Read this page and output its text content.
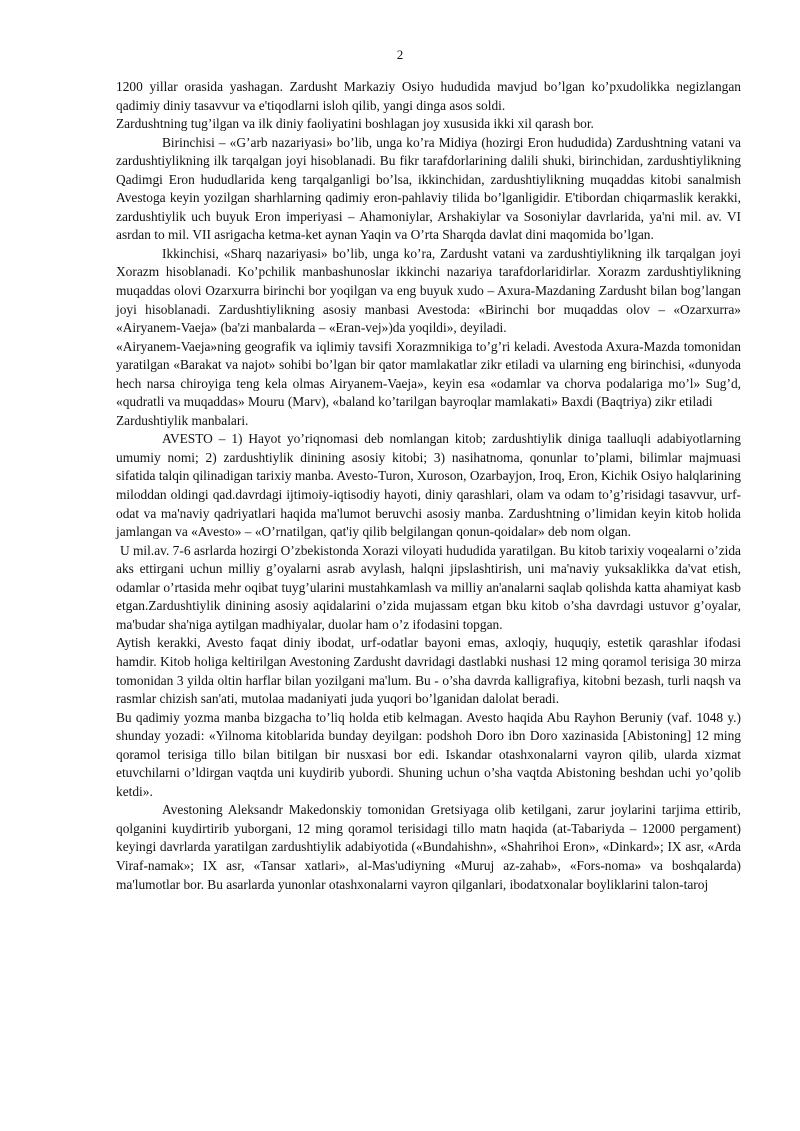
2

1200 yillar orasida yashagan. Zardusht Markaziy Osiyo hududida mavjud bo’lgan ko’pxudolikka negizlangan qadimiy diniy tasavvur va e'tiqodlarni isloh qilib, yangi dinga asos soldi.

Zardushtning tug’ilgan va ilk diniy faoliyatini boshlagan joy xususida ikki xil qarash bor.

Birinchisi – «G’arb nazariyasi» bo’lib, unga ko’ra Midiya (hozirgi Eron hududida) Zardushtning vatani va zardushtiylikning ilk tarqalgan joyi hisoblanadi. Bu fikr tarafdorlarining dalili shuki, birinchidan, zardushtiylikning Qadimgi Eron hududlarida keng tarqalganligi bo’lsa, ikkinchidan, zardushtiylikning muqaddas kitobi sanalmish Avestoga keyin yozilgan sharhlarning qadimiy eron-pahlaviy tilida bo’lganligidir. E'tibordan chiqarmaslik kerakki, zardushtiylik uch buyuk Eron imperiyasi – Ahamoniylar, Arshakiylar va Sosoniylar davrlarida, ya'ni mil. av. VI asrdan to mil. VII asrigacha ketma-ket aynan Yaqin va O’rta Sharqda davlat dini maqomida bo’lgan.

Ikkinchisi, «Sharq nazariyasi» bo’lib, unga ko’ra, Zardusht vatani va zardushtiylikning ilk tarqalgan joyi Xorazm hisoblanadi. Ko’pchilik manbashunoslar ikkinchi nazariya tarafdorlaridirlar. Xorazm zardushtiylikning muqaddas olovi Ozarxurra birinchi bor yoqilgan va eng buyuk xudo – Axura-Mazdaning Zardusht bilan bog’langan joyi hisoblanadi. Zardushtiylikning asosiy manbasi Avestoda: «Birinchi bor muqaddas olov – «Ozarxurra» «Airyanem-Vaeja» (ba'zi manbalarda – «Eran-vej»)da yoqildi», deyiladi.

«Airyanem-Vaeja»ning geografik va iqlimiy tavsifi Xorazmnikiga to’g’ri keladi. Avestoda Axura-Mazda tomonidan yaratilgan «Barakat va najot» sohibi bo’lgan bir qator mamlakatlar zikr etiladi va ularning eng birinchisi, «dunyoda hech narsa chiroyiga teng kela olmas Airyanem-Vaeja», keyin esa «odamlar va chorva podalariga mo’l» Sug’d, «qudratli va muqaddas» Mouru (Marv), «baland ko’tarilgan bayroqlar mamlakati» Baxdi (Baqtriya) zikr etiladi

Zardushtiylik manbalari.

AVESTO – 1) Hayot yo’riqnomasi deb nomlangan kitob; zardushtiylik diniga taalluqli adabiyotlarning umumiy nomi; 2) zardushtiylik dinining asosiy kitobi; 3) nasihatnoma, qonunlar to’plami, bilimlar majmuasi sifatida talqin qilinadigan tarixiy manba. Avesto-Turon, Xuroson, Ozarbayjon, Iroq, Eron, Kichik Osiyo halqlarining miloddan oldingi qad.davrdagi ijtimoiy-iqtisodiy hayoti, diniy qarashlari, olam va odam to’g’risidagi tasavvur, urf-odat va ma'naviy qadriyatlari haqida ma'lumot beruvchi asosiy manba. Zardushtning o’limidan keyin kitob holida jamlangan va «Avesto» – «O’rnatilgan, qat'iy qilib belgilangan qonun-qoidalar» deb nom olgan.

U mil.av. 7-6 asrlarda hozirgi O’zbekistonda Xorazi viloyati hududida yaratilgan. Bu kitob tarixiy voqealarni o’zida aks ettirgani uchun milliy g’oyalarni asrab avylash, halqni jipslashtirish, uni ma'naviy yuksaklikka da'vat etish, odamlar o’rtasida mehr oqibat tuyg’ularini mustahkamlash va milliy an'analarni saqlab qolishda katta ahamiyat kasb etgan.Zardushtiylik dinining asosiy aqidalarini o’zida mujassam etgan bku kitob o’sha davrdagi ustuvor g’oyalar, ma'budar sha'niga aytilgan madhiyalar, duolar ham o’z ifodasini topgan.

Aytish kerakki, Avesto faqat diniy ibodat, urf-odatlar bayoni emas, axloqiy, huquqiy, estetik qarashlar ifodasi hamdir. Kitob holiga keltirilgan Avestoning Zardusht davridagi dastlabki nushasi 12 ming qoramol terisiga 30 mirza tomonidan 3 yilda oltin harflar bilan yozilgani ma'lum. Bu - o’sha davrda kalligrafiya, kitobni bezash, turli naqsh va rasmlar chizish san'ati, mutolaa madaniyati juda yuqori bo’lganidan dalolat beradi.

Bu qadimiy yozma manba bizgacha to’liq holda etib kelmagan. Avesto haqida Abu Rayhon Beruniy (vaf. 1048 y.) shunday yozadi: «Yilnoma kitoblarida bunday deyilgan: podshoh Doro ibn Doro xazinasida [Abistoning] 12 ming qoramol terisiga tillo bilan bitilgan bir nusxasi bor edi. Iskandar otashxonalarni vayron qilib, ularda xizmat etuvchilarni o’ldirgan vaqtda uni kuydirib yubordi. Shuning uchun o’sha vaqtda Abistoning beshdan uchi yo’qolib ketdi».

Avestoning Aleksandr Makedonskiy tomonidan Gretsiyaga olib ketilgani, zarur joylarini tarjima ettirib, qolganini kuydirtirib yuborgani, 12 ming qoramol terisidagi tillo matn haqida (at-Tabariyda – 12000 pergament) keyingi davrlarda yaratilgan zardushtiylik adabiyotida («Bundahishn», «Shahrihoi Eron», «Dinkard»; IX asr, «Arda Viraf-namak»; IX asr, «Tansar xatlari», al-Mas'udiyning «Muruj az-zahab», «Fors-noma» va boshqalarda) ma'lumotlar bor. Bu asarlarda yunonlar otashxonalarni vayron qilganlari, ibodatxonalar boyliklarini talon-taroj
